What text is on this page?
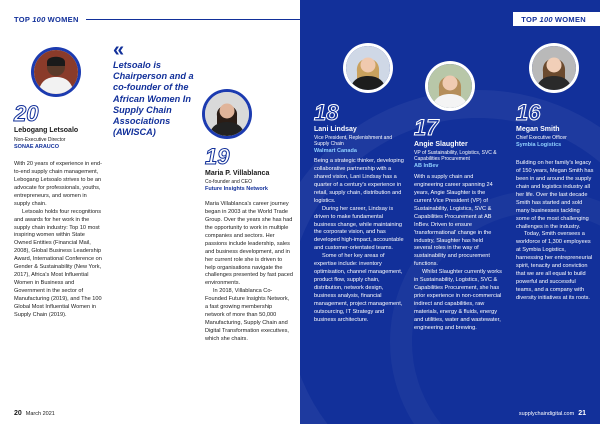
TOP 100 WOMEN
20
Lebogang Letsoalo
Non-Executive Director
SONAE ARAUCO

With 20 years of experience in end-to-end supply chain management, Lebogang Letsoalo strives to be an advocate for professionals, youths, entrepreneurs, and women in supply chain.

Letsoalo holds four recognitions and awards for her work in the supply chain industry: Top 10 most inspiring women within State Owned Entities (Financial Mail, 2008), Global Business Leadership Award, International Conference on Gender & Sustainability (New York, 2017), Africa's Most Influential Women in Business and Government in the sector of Manufacturing (2019), and The 100 Global Most Influential Women in Supply Chain (2019).

«
Letsoalo is Chairperson and a co-founder of the African Women In Supply Chain Associations (AWISCA)
19
Maria P. Villablanca
Co-founder and CEO
Future Insights Network

Maria Villablanca's career journey began in 2003 at the World Trade Group. Over the years she has had the opportunity to work in multiple companies and sectors. Her passions include leadership, sales and business development, and in her current role she is driven to help organisations navigate the challenges presented by fast paced environments.

In 2018, Villablanca Co-Founded Future Insights Network, a fast growing membership network of more than 50,000 Manufacturing, Supply Chain and Digital Transformation executives, which she chairs.

20 March 2021
TOP 100 WOMEN
18
Lani Lindsay
Vice President, Replenishment and Supply Chain
Walmart Canada

Being a strategic thinker, developing collaborative partnership with a shared vision, Lani Lindsay has a quarter of a century's experience in retail, supply chain, distribution and logistics.

During her career, Lindsay is driven to make fundamental business change, while maintaining the corporate vision, and has developed high-impact, accountable and customer-orientated teams.

Some of her key areas of expertise include: inventory optimisation, channel management, product flow, supply chain, distribution, network design, business analysis, financial management, project management, outsourcing, IT Strategy and business architecture.

17
Angie Slaughter
VP of Sustainability, Logistics, SVC & Capabilities Procurement
AB InBev

With a supply chain and engineering career spanning 24 years, Angie Slaughter is the current Vice President (VP) of Sustainability, Logistics, SVC & Capabilities Procurement at AB InBev. Driven to ensure 'transformational' change in the industry, Slaughter has held several roles in the way of sustainability and procurement functions.

Whilst Slaughter currently works in Sustainability, Logistics, SVC & Capabilities Procurement, she has prior experience in non-commercial indirect and capabilities, raw materials, energy & fluids, energy and utilities, water and wastewater, engineering and brewing.

16
Megan Smith
Chief Executive Officer
Symbia Logistics

Building on her family's legacy of 150 years, Megan Smith has been in and around the supply chain and logistics industry all her life. Over the last decade Smith has started and sold many businesses tackling some of the most challenging challenges in the industry.

Today, Smith oversees a workforce of 1,300 employees at Symbia Logistics, harnessing her entrepreneurial spirit, tenacity and conviction that we are all equal to build powerful and successful teams, and a company with diversity initiatives at its roots.

supplychaindigital.com 21
